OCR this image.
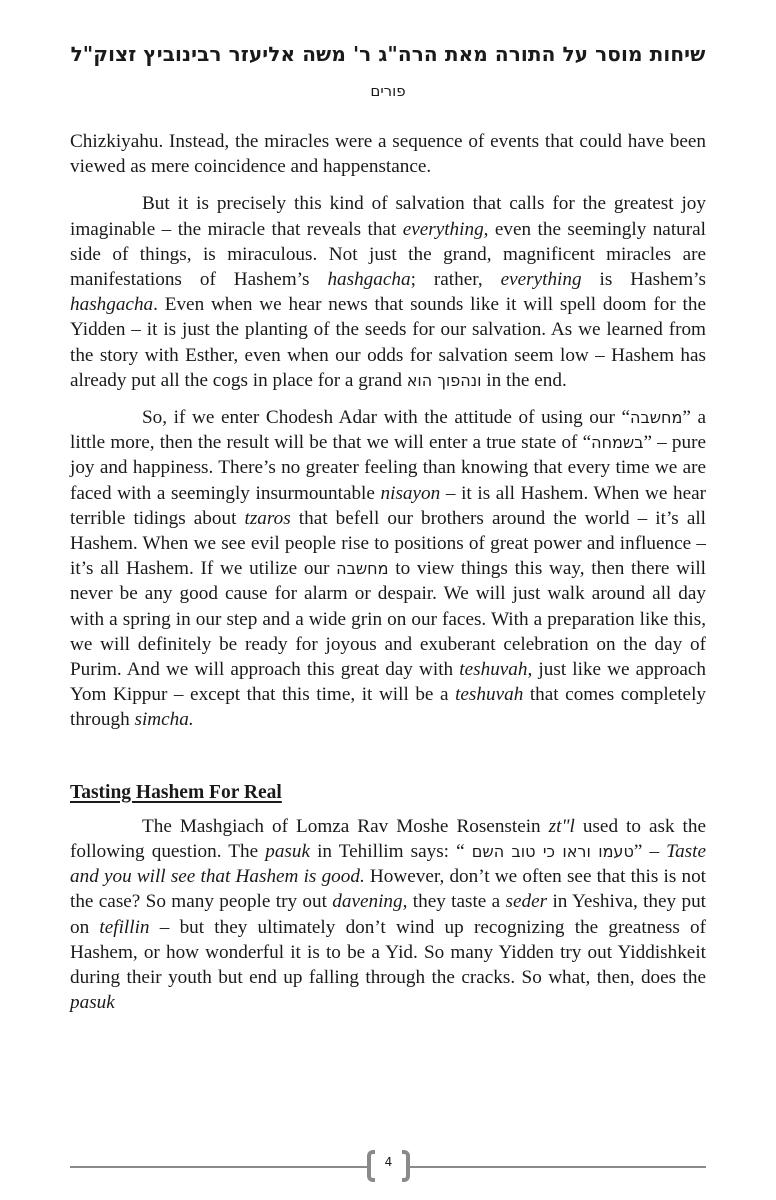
שיחות מוסר על התורה מאת הרה"ג ר' משה אליעזר רבינוביץ זצוק"ל
פורים

Chizkiyahu. Instead, the miracles were a sequence of events that could have been viewed as mere coincidence and happenstance.

But it is precisely this kind of salvation that calls for the greatest joy imaginable – the miracle that reveals that everything, even the seemingly natural side of things, is miraculous. Not just the grand, magnificent miracles are manifestations of Hashem’s hashgacha; rather, everything is Hashem’s hashgacha. Even when we hear news that sounds like it will spell doom for the Yidden – it is just the planting of the seeds for our salvation. As we learned from the story with Esther, even when our odds for salvation seem low – Hashem has already put all the cogs in place for a grand ונהפוך הוא in the end.

So, if we enter Chodesh Adar with the attitude of using our “מחשבה” a little more, then the result will be that we will enter a true state of “בשמחה” – pure joy and happiness. There’s no greater feeling than knowing that every time we are faced with a seemingly insurmountable nisayon – it is all Hashem. When we hear terrible tidings about tzaros that befell our brothers around the world – it’s all Hashem. When we see evil people rise to positions of great power and influence – it’s all Hashem. If we utilize our מחשבה to view things this way, then there will never be any good cause for alarm or despair. We will just walk around all day with a spring in our step and a wide grin on our faces. With a preparation like this, we will definitely be ready for joyous and exuberant celebration on the day of Purim. And we will approach this great day with teshuvah, just like we approach Yom Kippur – except that this time, it will be a teshuvah that comes completely through simcha.

Tasting Hashem For Real

The Mashgiach of Lomza Rav Moshe Rosenstein zt"l used to ask the following question. The pasuk in Tehillim says: “ טעמו וראו כי טוב השם” – Taste and you will see that Hashem is good. However, don’t we often see that this is not the case? So many people try out davening, they taste a seder in Yeshiva, they put on tefillin – but they ultimately don’t wind up recognizing the greatness of Hashem, or how wonderful it is to be a Yid. So many Yidden try out Yiddishkeit during their youth but end up falling through the cracks. So what, then, does the pasuk

4
